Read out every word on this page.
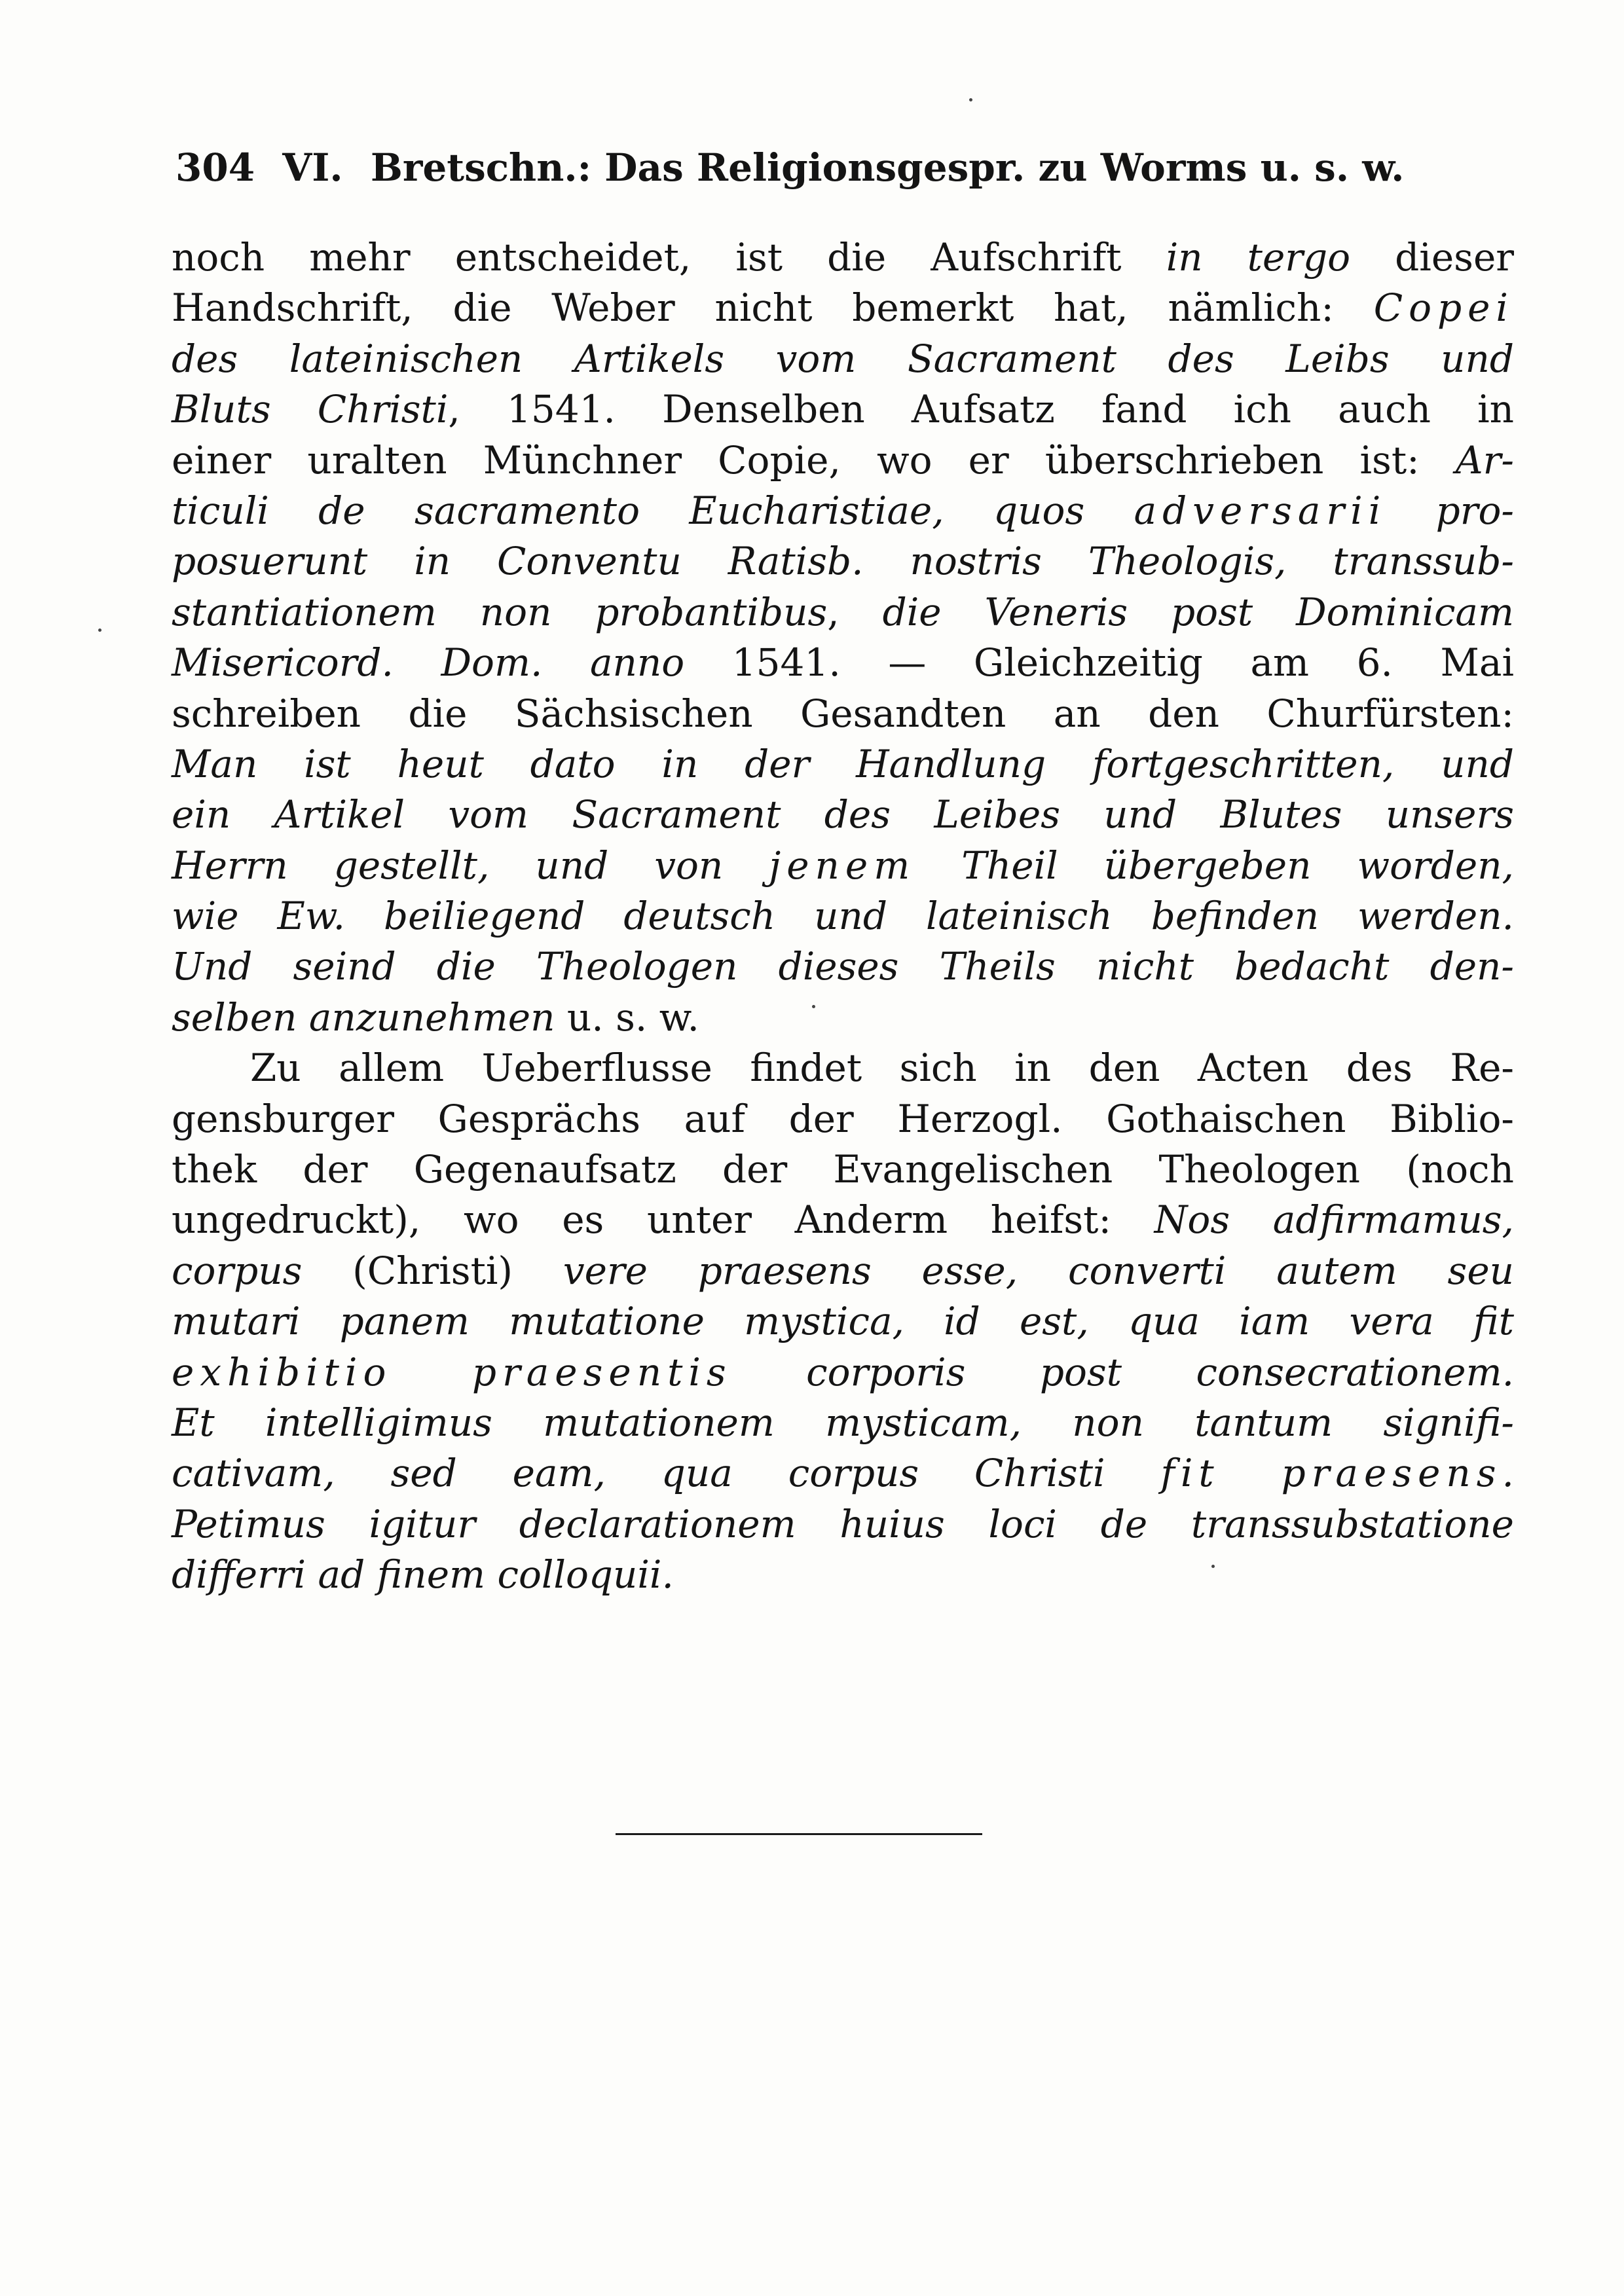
304 VI. Bretschn.: Das Religionsgespr. zu Worms u. s. w.
noch mehr entscheidet, ist die Aufschrift in tergo dieser
Handschrift, die Weber nicht bemerkt hat, nämlich: Copei
des lateinischen Artikels vom Sacrament des Leibs und
Bluts Christi, 1541. Denselben Aufsatz fand ich auch in
einer uralten Münchner Copie, wo er überschrieben ist: Ar-
ticuli de sacramento Eucharistiae, quos adversarii pro-
posuerunt in Conventu Ratisb. nostris Theologis, transsub-
stantiationem non probantibus, die Veneris post Dominicam
Misericord. Dom. anno 1541. — Gleichzeitig am 6. Mai
schreiben die Sächsischen Gesandten an den Churfürsten:
Man ist heut dato in der Handlung fortgeschritten, und
ein Artikel vom Sacrament des Leibes und Blutes unsers
Herrn gestellt, und von jenem Theil übergeben worden,
wie Ew. beiliegend deutsch und lateinisch befinden werden.
Und seind die Theologen dieses Theils nicht bedacht den-
selben anzunehmen u. s. w.
Zu allem Ueberflusse findet sich in den Acten des Re-
gensburger Gesprächs auf der Herzogl. Gothaischen Biblio-
thek der Gegenaufsatz der Evangelischen Theologen (noch
ungedruckt), wo es unter Anderm heifst: Nos adfirmamus,
corpus (Christi) vere praesens esse, converti autem seu
mutari panem mutatione mystica, id est, qua iam vera fit
exhibitio praesentis corporis post consecrationem.
Et intelligimus mutationem mysticam, non tantum signifi-
cativam, sed eam, qua corpus Christi fit praesens.
Petimus igitur declarationem huius loci de transsubstatione
differri ad finem colloquii.
